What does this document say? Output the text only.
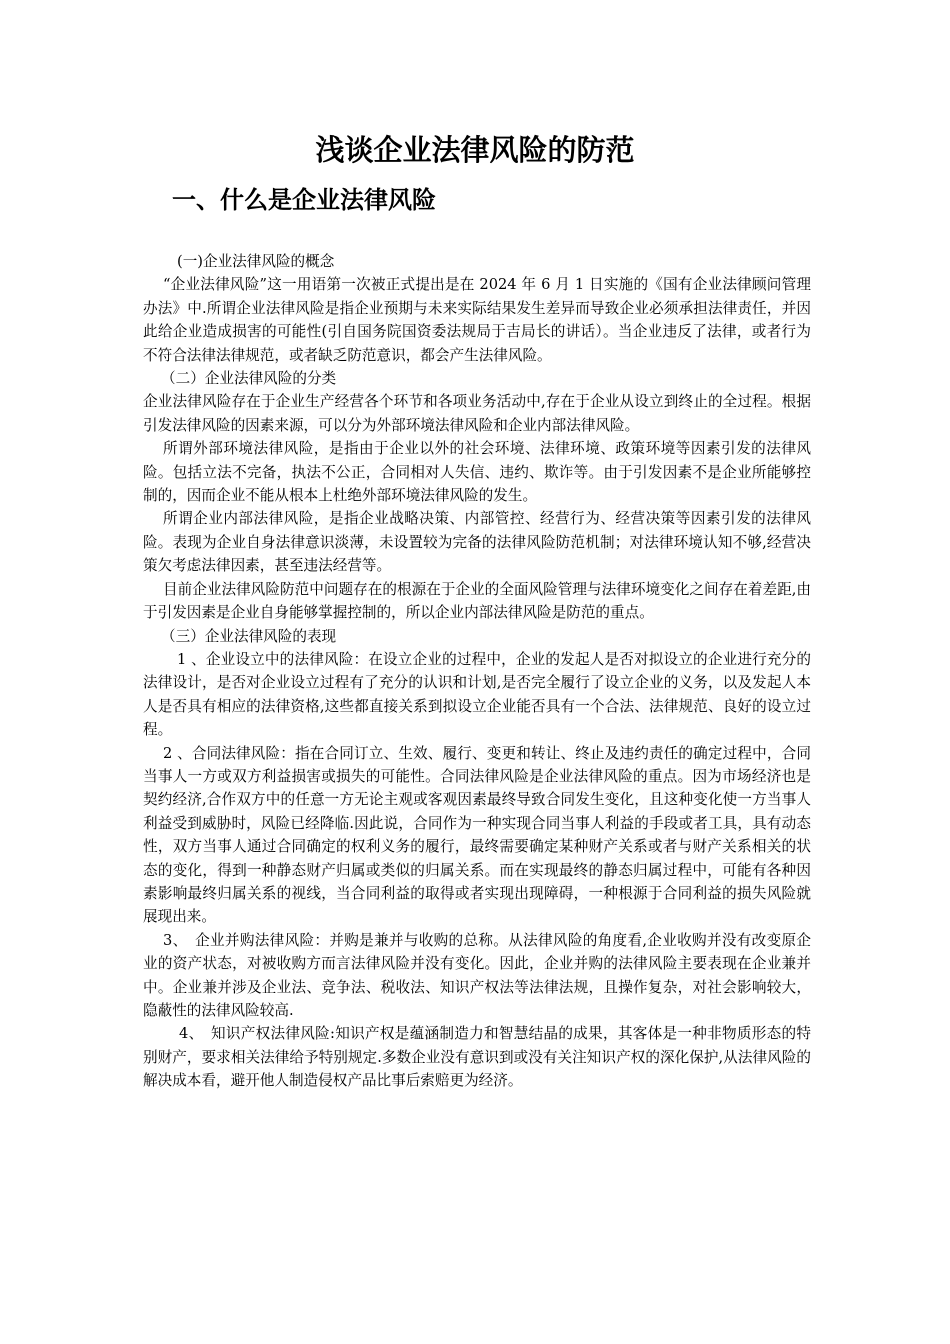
浅谈企业法律风险的防范
一、什么是企业法律风险

(一)企业法律风险的概念

“企业法律风险”这一用语第一次被正式提出是在 2024 年 6 月 1 日实施的《国有企业法律顾问管理办法》中.所谓企业法律风险是指企业预期与未来实际结果发生差异而导致企业必须承担法律责任，并因此给企业造成损害的可能性(引自国务院国资委法规局于吉局长的讲话）。当企业违反了法律，或者行为不符合法律法律规范，或者缺乏防范意识，都会产生法律风险。

（二）企业法律风险的分类

企业法律风险存在于企业生产经营各个环节和各项业务活动中,存在于企业从设立到终止的全过程。根据引发法律风险的因素来源，可以分为外部环境法律风险和企业内部法律风险。

所谓外部环境法律风险，是指由于企业以外的社会环境、法律环境、政策环境等因素引发的法律风险。包括立法不完备，执法不公正，合同相对人失信、违约、欺诈等。由于引发因素不是企业所能够控制的，因而企业不能从根本上杜绝外部环境法律风险的发生。

所谓企业内部法律风险，是指企业战略决策、内部管控、经营行为、经营决策等因素引发的法律风险。表现为企业自身法律意识淡薄，未设置较为完备的法律风险防范机制；对法律环境认知不够,经营决策欠考虑法律因素，甚至违法经营等。

目前企业法律风险防范中问题存在的根源在于企业的全面风险管理与法律环境变化之间存在着差距,由于引发因素是企业自身能够掌握控制的，所以企业内部法律风险是防范的重点。

（三）企业法律风险的表现

1 、企业设立中的法律风险：在设立企业的过程中，企业的发起人是否对拟设立的企业进行充分的法律设计，是否对企业设立过程有了充分的认识和计划,是否完全履行了设立企业的义务，以及发起人本人是否具有相应的法律资格,这些都直接关系到拟设立企业能否具有一个合法、法律规范、良好的设立过程。

2 、合同法律风险：指在合同订立、生效、履行、变更和转让、终止及违约责任的确定过程中，合同当事人一方或双方利益损害或损失的可能性。合同法律风险是企业法律风险的重点。因为市场经济也是契约经济,合作双方中的任意一方无论主观或客观因素最终导致合同发生变化，且这种变化使一方当事人利益受到威胁时，风险已经降临.因此说，合同作为一种实现合同当事人利益的手段或者工具，具有动态性，双方当事人通过合同确定的权利义务的履行，最终需要确定某种财产关系或者与财产关系相关的状态的变化，得到一种静态财产归属或类似的归属关系。而在实现最终的静态归属过程中，可能有各种因素影响最终归属关系的视线，当合同利益的取得或者实现出现障碍，一种根源于合同利益的损失风险就展现出来。

3、　企业并购法律风险：并购是兼并与收购的总称。从法律风险的角度看,企业收购并没有改变原企业的资产状态，对被收购方而言法律风险并没有变化。因此，企业并购的法律风险主要表现在企业兼并中。企业兼并涉及企业法、竞争法、税收法、知识产权法等法律法规，且操作复杂，对社会影响较大，隐蔽性的法律风险较高.

4、　知识产权法律风险:知识产权是蕴涵制造力和智慧结晶的成果，其客体是一种非物质形态的特别财产，要求相关法律给予特别规定.多数企业没有意识到或没有关注知识产权的深化保护,从法律风险的解决成本看，避开他人制造侵权产品比事后索赔更为经济。
